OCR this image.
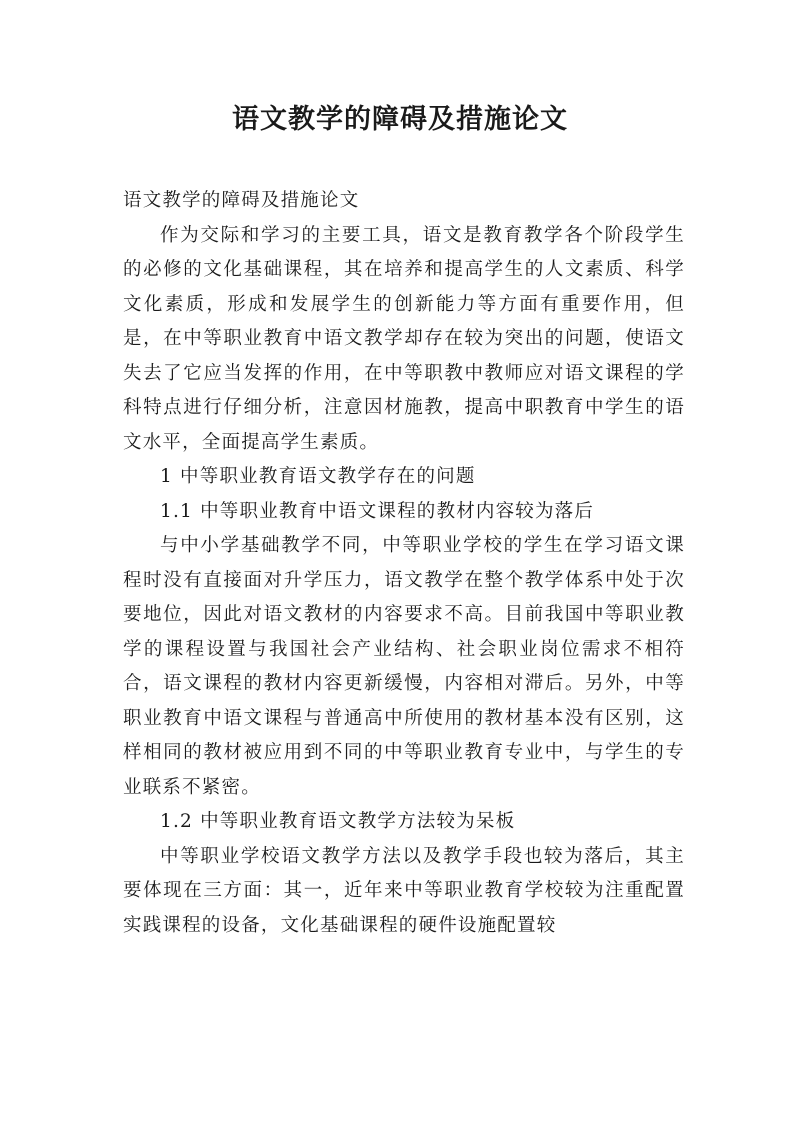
语文教学的障碍及措施论文

语文教学的障碍及措施论文

作为交际和学习的主要工具，语文是教育教学各个阶段学生的必修的文化基础课程，其在培养和提高学生的人文素质、科学文化素质，形成和发展学生的创新能力等方面有重要作用，但是，在中等职业教育中语文教学却存在较为突出的问题，使语文失去了它应当发挥的作用，在中等职教中教师应对语文课程的学科特点进行仔细分析，注意因材施教，提高中职教育中学生的语文水平，全面提高学生素质。

1 中等职业教育语文教学存在的问题

1.1 中等职业教育中语文课程的教材内容较为落后

与中小学基础教学不同，中等职业学校的学生在学习语文课程时没有直接面对升学压力，语文教学在整个教学体系中处于次要地位，因此对语文教材的内容要求不高。目前我国中等职业教学的课程设置与我国社会产业结构、社会职业岗位需求不相符合，语文课程的教材内容更新缓慢，内容相对滞后。另外，中等职业教育中语文课程与普通高中所使用的教材基本没有区别，这样相同的教材被应用到不同的中等职业教育专业中，与学生的专业联系不紧密。

1.2 中等职业教育语文教学方法较为呆板

中等职业学校语文教学方法以及教学手段也较为落后，其主要体现在三方面：其一，近年来中等职业教育学校较为注重配置实践课程的设备，文化基础课程的硬件设施配置较
